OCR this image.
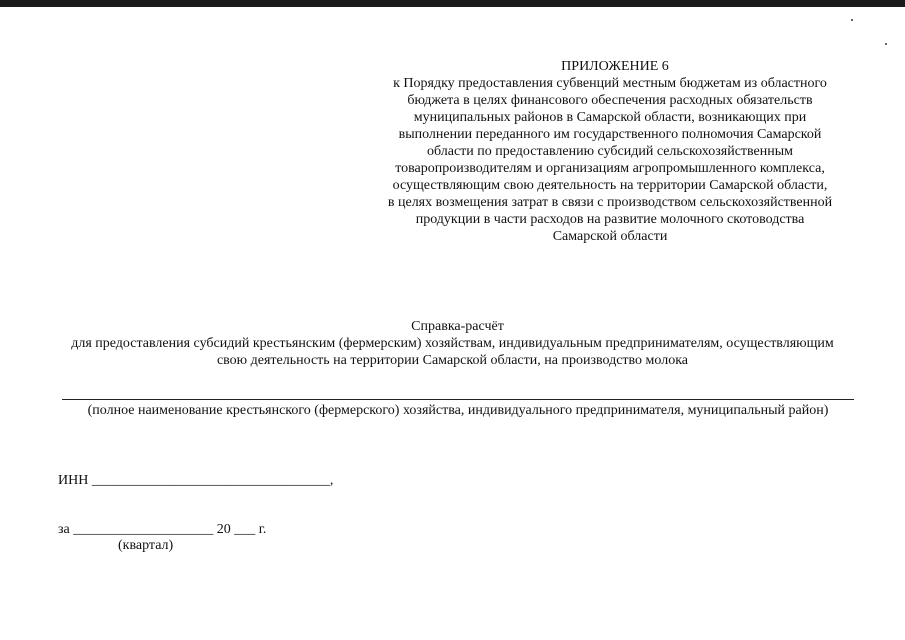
ПРИЛОЖЕНИЕ 6
к Порядку предоставления субвенций местным бюджетам из областного
бюджета в целях финансового обеспечения расходных обязательств
муниципальных районов в Самарской области, возникающих при
выполнении переданного им государственного полномочия Самарской
области по предоставлению субсидий сельскохозяйственным
товаропроизводителям и организациям агропромышленного комплекса,
осуществляющим свою деятельность на территории Самарской области,
в целях возмещения затрат в связи с производством сельскохозяйственной
продукции в части расходов на развитие молочного скотоводства
Самарской области
Справка-расчёт
для предоставления субсидий крестьянским (фермерским) хозяйствам, индивидуальным предпринимателям, осуществляющим
свою деятельность на территории Самарской области, на производство молока
(полное наименование крестьянского (фермерского) хозяйства, индивидуального предпринимателя, муниципальный район)
ИНН __________________________________,
за ____________________ 20 ___ г.
(квартал)
